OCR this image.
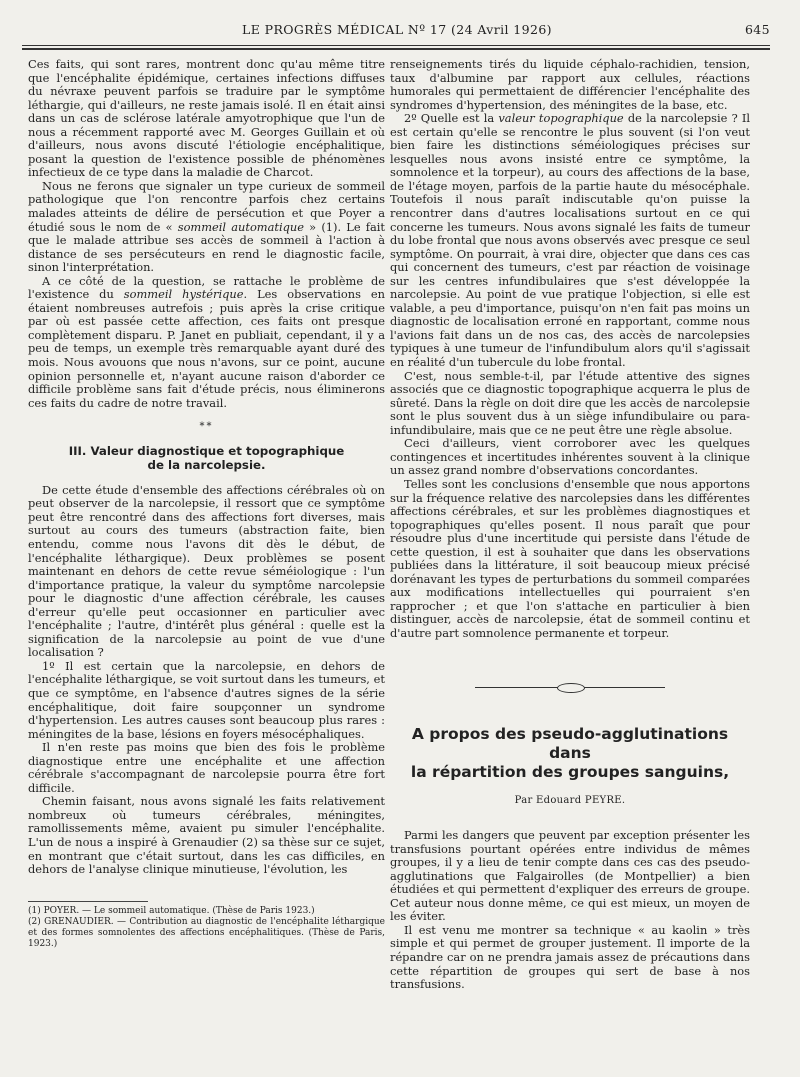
LE PROGRÈS MÉDICAL Nº 17 (24 Avril 1926)	645

Ces faits, qui sont rares, montrent donc qu'au même titre que l'encéphalite épidémique, certaines infections diffuses du névraxe peuvent parfois se traduire par le symptôme léthargie, qui d'ailleurs, ne reste jamais isolé. Il en était ainsi dans un cas de sclérose latérale amyotrophique que l'un de nous a récemment rapporté avec M. Georges Guillain et où d'ailleurs, nous avons discuté l'étiologie encéphalitique, posant la question de l'existence possible de phénomènes infectieux de ce type dans la maladie de Charcot.

Nous ne ferons que signaler un type curieux de sommeil pathologique que l'on rencontre parfois chez certains malades atteints de délire de persécution et que Poyer a étudié sous le nom de « sommeil automatique » (1). Le fait que le malade attribue ses accès de sommeil à l'action à distance de ses persécuteurs en rend le diagnostic facile, sinon l'interprétation.

A ce côté de la question, se rattache le problème de l'existence du sommeil hystérique. Les observations en étaient nombreuses autrefois ; puis après la crise critique par où est passée cette affection, ces faits ont presque complètement disparu. P. Janet en publiait, cependant, il y a peu de temps, un exemple très remarquable ayant duré des mois. Nous avouons que nous n'avons, sur ce point, aucune opinion personnelle et, n'ayant aucune raison d'aborder ce difficile problème sans fait d'étude précis, nous éliminerons ces faits du cadre de notre travail.

**
III. Valeur diagnostique et topographique
de la narcolepsie.

De cette étude d'ensemble des affections cérébrales où on peut observer de la narcolepsie, il ressort que ce symptôme peut être rencontré dans des affections fort diverses, mais surtout au cours des tumeurs (abstraction faite, bien entendu, comme nous l'avons dit dès le début, de l'encéphalite léthargique). Deux problèmes se posent maintenant en dehors de cette revue séméiologique : l'un d'importance pratique, la valeur du symptôme narcolepsie pour le diagnostic d'une affection cérébrale, les causes d'erreur qu'elle peut occasionner en particulier avec l'encéphalite ; l'autre, d'intérêt plus général : quelle est la signification de la narcolepsie au point de vue d'une localisation ?

1º Il est certain que la narcolepsie, en dehors de l'encéphalite léthargique, se voit surtout dans les tumeurs, et que ce symptôme, en l'absence d'autres signes de la série encéphalitique, doit faire soupçonner un syndrome d'hypertension. Les autres causes sont beaucoup plus rares : méningites de la base, lésions en foyers mésocéphaliques.

Il n'en reste pas moins que bien des fois le problème diagnostique entre une encéphalite et une affection cérébrale s'accompagnant de narcolepsie pourra être fort difficile.

Chemin faisant, nous avons signalé les faits relativement nombreux où tumeurs cérébrales, méningites, ramollissements même, avaient pu simuler l'encéphalite. L'un de nous a inspiré à Grenaudier (2) sa thèse sur ce sujet, en montrant que c'était surtout, dans les cas difficiles, en dehors de l'analyse clinique minutieuse, l'évolution, les

(1) POYER. — Le sommeil automatique. (Thèse de Paris 1923.)

(2) GRENAUDIER. — Contribution au diagnostic de l'encéphalite léthargique et des formes somnolentes des affections encéphalitiques. (Thèse de Paris, 1923.)

renseignements tirés du liquide céphalo-rachidien, tension, taux d'albumine par rapport aux cellules, réactions humorales qui permettaient de différencier l'encéphalite des syndromes d'hypertension, des méningites de la base, etc.

2º Quelle est la valeur topographique de la narcolepsie ? Il est certain qu'elle se rencontre le plus souvent (si l'on veut bien faire les distinctions séméiologiques précises sur lesquelles nous avons insisté entre ce symptôme, la somnolence et la torpeur), au cours des affections de la base, de l'étage moyen, parfois de la partie haute du mésocéphale. Toutefois il nous paraît indiscutable qu'on puisse la rencontrer dans d'autres localisations surtout en ce qui concerne les tumeurs. Nous avons signalé les faits de tumeur du lobe frontal que nous avons observés avec presque ce seul symptôme. On pourrait, à vrai dire, objecter que dans ces cas qui concernent des tumeurs, c'est par réaction de voisinage sur les centres infundibulaires que s'est développée la narcolepsie. Au point de vue pratique l'objection, si elle est valable, a peu d'importance, puisqu'on n'en fait pas moins un diagnostic de localisation erroné en rapportant, comme nous l'avions fait dans un de nos cas, des accès de narcolepsies typiques à une tumeur de l'infundibulum alors qu'il s'agissait en réalité d'un tubercule du lobe frontal.

C'est, nous semble-t-il, par l'étude attentive des signes associés que ce diagnostic topographique acquerra le plus de sûreté. Dans la règle on doit dire que les accès de narcolepsie sont le plus souvent dus à un siège infundibulaire ou para-infundibulaire, mais que ce ne peut être une règle absolue.

Ceci d'ailleurs, vient corroborer avec les quelques contingences et incertitudes inhérentes souvent à la clinique un assez grand nombre d'observations concordantes.

Telles sont les conclusions d'ensemble que nous apportons sur la fréquence relative des narcolepsies dans les différentes affections cérébrales, et sur les problèmes diagnostiques et topographiques qu'elles posent. Il nous paraît que pour résoudre plus d'une incertitude qui persiste dans l'étude de cette question, il est à souhaiter que dans les observations publiées dans la littérature, il soit beaucoup mieux précisé dorénavant les types de perturbations du sommeil comparées aux modifications intellectuelles qui pourraient s'en rapprocher ; et que l'on s'attache en particulier à bien distinguer, accès de narcolepsie, état de sommeil continu et d'autre part somnolence permanente et torpeur.

A propos des pseudo-agglutinations dans
la répartition des groupes sanguins,
Par Edouard PEYRE.

Parmi les dangers que peuvent par exception présenter les transfusions pourtant opérées entre individus de mêmes groupes, il y a lieu de tenir compte dans ces cas des pseudo-agglutinations que Falgairolles (de Montpellier) a bien étudiées et qui permettent d'expliquer des erreurs de groupe. Cet auteur nous donne même, ce qui est mieux, un moyen de les éviter.

Il est venu me montrer sa technique « au kaolin » très simple et qui permet de grouper justement. Il importe de la répandre car on ne prendra jamais assez de précautions dans cette répartition de groupes qui sert de base à nos transfusions.
